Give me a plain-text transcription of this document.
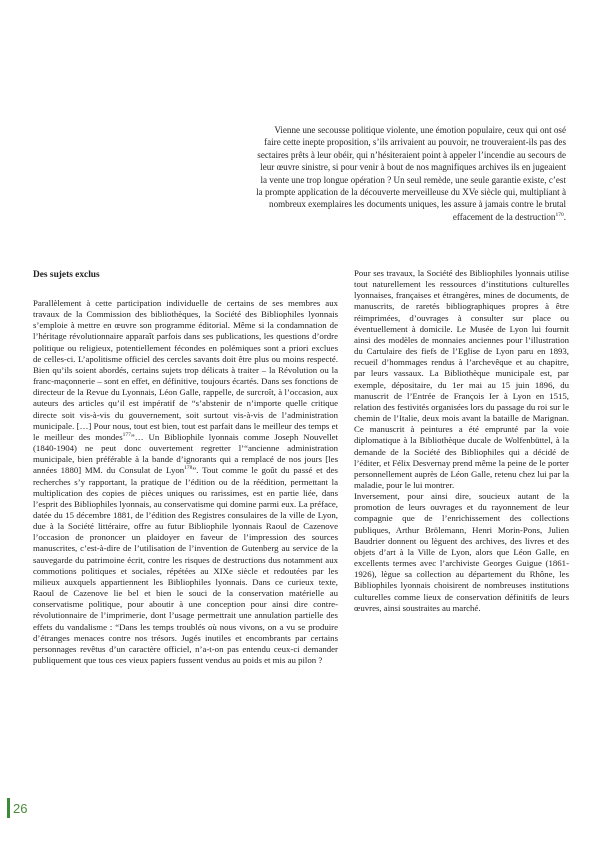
Vienne une secousse politique violente, une émotion populaire, ceux qui ont osé faire cette inepte proposition, s’ils arrivaient au pouvoir, ne trouveraient-ils pas des sectaires prêts à leur obéir, qui n’hésiteraient point à appeler l’incendie au secours de leur œuvre sinistre, si pour venir à bout de nos magnifiques archives ils en jugeaient la vente une trop longue opération ? Un seul remède, une seule garantie existe, c’est la prompte application de la découverte merveilleuse du XVe siècle qui, multipliant à nombreux exemplaires les documents uniques, les assure à jamais contre le brutal effacement de la destruction$^{170}$.

Des sujets exclus

Parallèlement à cette participation individuelle de certains de ses membres aux travaux de la Commission des bibliothèques, la Société des Bibliophiles lyonnais s’emploie à mettre en œuvre son programme éditorial. Même si la condamnation de l’héritage révolutionnaire apparaît parfois dans ses publications, les questions d’ordre politique ou religieux, potentiellement fécondes en polémiques sont a priori exclues de celles-ci. L’apolitisme officiel des cercles savants doit être plus ou moins respecté. Bien qu’ils soient abordés, certains sujets trop délicats à traiter – la Révolution ou la franc-maçonnerie – sont en effet, en définitive, toujours écartés. Dans ses fonctions de directeur de la Revue du Lyonnais, Léon Galle, rappelle, de surcroît, à l’occasion, aux auteurs des articles qu’il est impératif de “s’abstenir de n’importe quelle critique directe soit vis-à-vis du gouvernement, soit surtout vis-à-vis de l’administration municipale. […] Pour nous, tout est bien, tout est parfait dans le meilleur des temps et le meilleur des mondes$^{177}$”… Un Bibliophile lyonnais comme Joseph Nouvellet (1840-1904) ne peut donc ouvertement regretter l’“ancienne administration municipale, bien préférable à la bande d’ignorants qui a remplacé de nos jours [les années 1880] MM. du Consulat de Lyon$^{178}$”. Tout comme le goût du passé et des recherches s’y rapportant, la pratique de l’édition ou de la réédition, permettant la multiplication des copies de pièces uniques ou rarissimes, est en partie liée, dans l’esprit des Bibliophiles lyonnais, au conservatisme qui domine parmi eux. La préface, datée du 15 décembre 1881, de l’édition des Registres consulaires de la ville de Lyon, due à la Société littéraire, offre au futur Bibliophile lyonnais Raoul de Cazenove l’occasion de prononcer un plaidoyer en faveur de l’impression des sources manuscrites, c’est-à-dire de l’utilisation de l’invention de Gutenberg au service de la sauvegarde du patrimoine écrit, contre les risques de destructions dus notamment aux commotions politiques et sociales, répétées au XIXe siècle et redoutées par les milieux auxquels appartiennent les Bibliophiles lyonnais. Dans ce curieux texte, Raoul de Cazenove lie bel et bien le souci de la conservation matérielle au conservatisme politique, pour aboutir à une conception pour ainsi dire contre-révolutionnaire de l’imprimerie, dont l’usage permettrait une annulation partielle des effets du vandalisme : “Dans les temps troublés où nous vivons, on a vu se produire d’étranges menaces contre nos trésors. Jugés inutiles et encombrants par certains personnages revêtus d’un caractère officiel, n’a-t-on pas entendu ceux-ci demander publiquement que tous ces vieux papiers fussent vendus au poids et mis au pilon ?

Pour ses travaux, la Société des Bibliophiles lyonnais utilise tout naturellement les ressources d’institutions culturelles lyonnaises, françaises et étrangères, mines de documents, de manuscrits, de raretés bibliographiques propres à être réimprimées, d’ouvrages à consulter sur place ou éventuellement à domicile. Le Musée de Lyon lui fournit ainsi des modèles de monnaies anciennes pour l’illustration du Cartulaire des fiefs de l’Eglise de Lyon paru en 1893, recueil d’hommages rendus à l’archevêque et au chapitre, par leurs vassaux. La Bibliothèque municipale est, par exemple, dépositaire, du 1er mai au 15 juin 1896, du manuscrit de l’Entrée de François Ier à Lyon en 1515, relation des festivités organisées lors du passage du roi sur le chemin de l’Italie, deux mois avant la bataille de Marignan. Ce manuscrit à peintures a été emprunté par la voie diplomatique à la Bibliothèque ducale de Wolfenbüttel, à la demande de la Société des Bibliophiles qui a décidé de l’éditer, et Félix Desvernay prend même la peine de le porter personnellement auprès de Léon Galle, retenu chez lui par la maladie, pour le lui montrer.

Inversement, pour ainsi dire, soucieux autant de la promotion de leurs ouvrages et du rayonnement de leur compagnie que de l’enrichissement des collections publiques, Arthur Brölemann, Henri Morin-Pons, Julien Baudrier donnent ou lèguent des archives, des livres et des objets d’art à la Ville de Lyon, alors que Léon Galle, en excellents termes avec l’archiviste Georges Guigue (1861-1926), lègue sa collection au département du Rhône, les Bibliophiles lyonnais choisirent de nombreuses institutions culturelles comme lieux de conservation définitifs de leurs œuvres, ainsi soustraites au marché.

26
